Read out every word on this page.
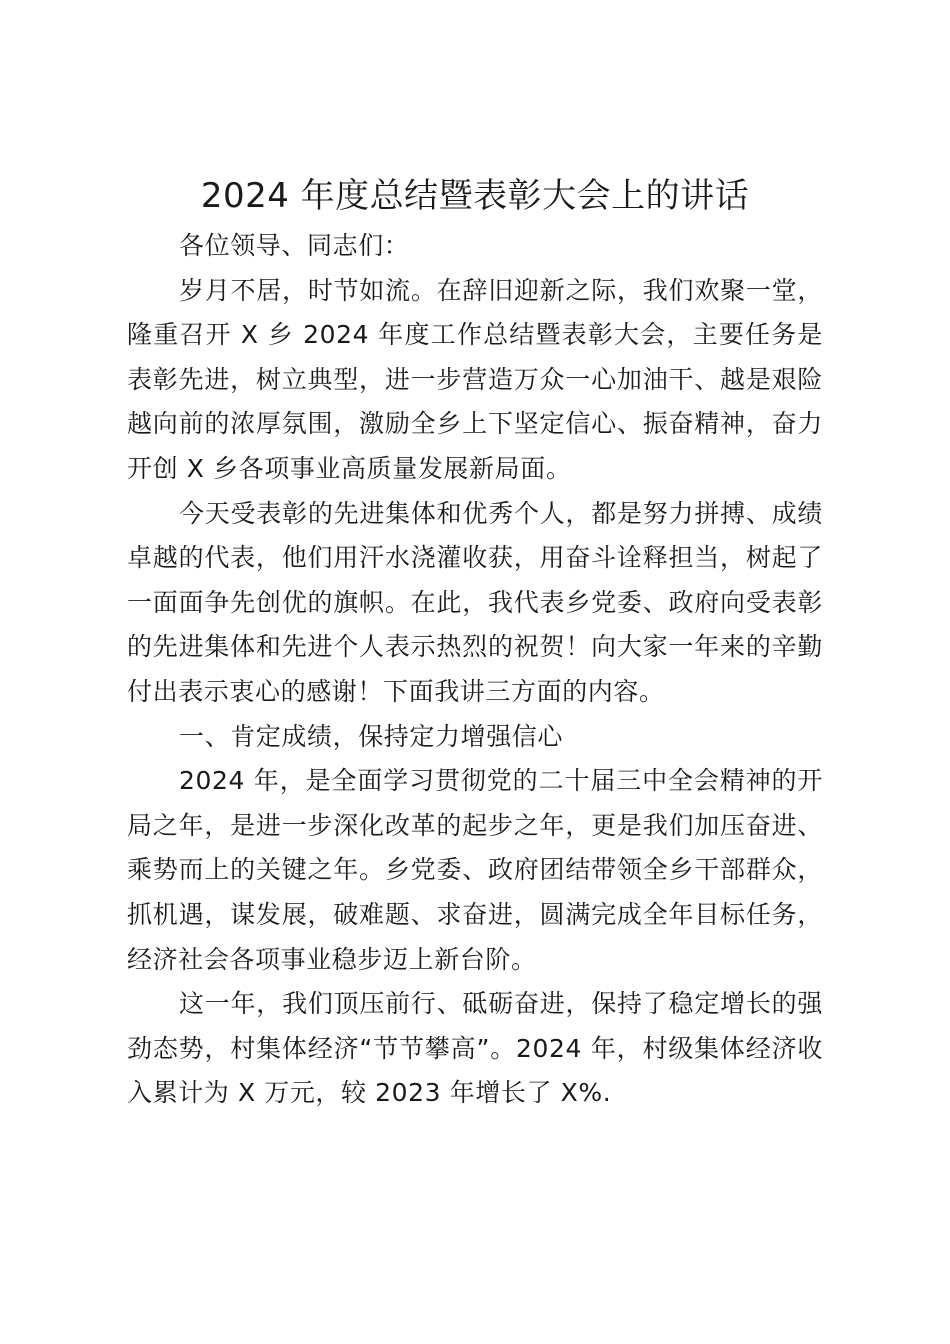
2024 年度总结暨表彰大会上的讲话

各位领导、同志们：

岁月不居，时节如流。在辞旧迎新之际，我们欢聚一堂，隆重召开 X 乡 2024 年度工作总结暨表彰大会，主要任务是表彰先进，树立典型，进一步营造万众一心加油干、越是艰险越向前的浓厚氛围，激励全乡上下坚定信心、振奋精神，奋力开创 X 乡各项事业高质量发展新局面。

今天受表彰的先进集体和优秀个人，都是努力拼搏、成绩卓越的代表，他们用汗水浇灌收获，用奋斗诠释担当，树起了一面面争先创优的旗帜。在此，我代表乡党委、政府向受表彰的先进集体和先进个人表示热烈的祝贺！向大家一年来的辛勤付出表示衷心的感谢！下面我讲三方面的内容。

一、肯定成绩，保持定力增强信心

2024 年，是全面学习贯彻党的二十届三中全会精神的开局之年，是进一步深化改革的起步之年，更是我们加压奋进、乘势而上的关键之年。乡党委、政府团结带领全乡干部群众，抓机遇，谋发展，破难题、求奋进，圆满完成全年目标任务，经济社会各项事业稳步迈上新台阶。

这一年，我们顶压前行、砥砺奋进，保持了稳定增长的强劲态势，村集体经济“节节攀高”。2024 年，村级集体经济收入累计为 X 万元，较 2023 年增长了 X%.
